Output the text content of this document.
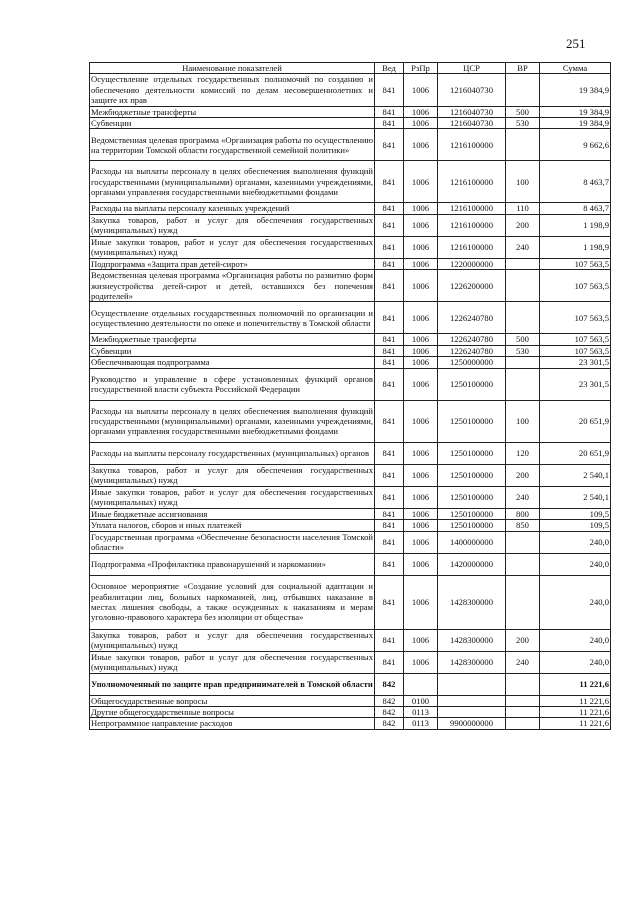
251
Наименование показателей	Вед	РзПр	ЦСР	ВР	Сумма
Осуществление отдельных государственных полномочий по созданию и обеспечению деятельности комиссий по делам несовершеннолетних и защите их прав	841	1006	1216040730		19 384,9
Межбюджетные трансферты	841	1006	1216040730	500	19 384,9
Субвенции	841	1006	1216040730	530	19 384,9
Ведомственная целевая программа «Организация работы по осуществлению на территории Томской области государственной семейной политики»	841	1006	1216100000		9 662,6
Расходы на выплаты персоналу в целях обеспечения выполнения функций государственными (муниципальными) органами, казенными учреждениями, органами управления государственными внебюджетными фондами	841	1006	1216100000	100	8 463,7
Расходы на выплаты персоналу казенных учреждений	841	1006	1216100000	110	8 463,7
Закупка товаров, работ и услуг для обеспечения государственных (муниципальных) нужд	841	1006	1216100000	200	1 198,9
Иные закупки товаров, работ и услуг для обеспечения государственных (муниципальных) нужд	841	1006	1216100000	240	1 198,9
Подпрограмма «Защита прав детей-сирот»	841	1006	1220000000		107 563,5
Ведомственная целевая программа «Организация работы по развитию форм жизнеустройства детей-сирот и детей, оставшихся без попечения родителей»	841	1006	1226200000		107 563,5
Осуществление отдельных государственных полномочий по организации и осуществлению деятельности по опеке и попечительству в Томской области	841	1006	1226240780		107 563,5
Межбюджетные трансферты	841	1006	1226240780	500	107 563,5
Субвенции	841	1006	1226240780	530	107 563,5
Обеспечивающая подпрограмма	841	1006	1250000000		23 301,5
Руководство и управление в сфере установленных функций органов государственной власти субъекта Российской Федерации	841	1006	1250100000		23 301,5
Расходы на выплаты персоналу в целях обеспечения выполнения функций государственными (муниципальными) органами, казенными учреждениями, органами управления государственными внебюджетными фондами	841	1006	1250100000	100	20 651,9
Расходы на выплаты персоналу государственных (муниципальных) органов	841	1006	1250100000	120	20 651,9
Закупка товаров, работ и услуг для обеспечения государственных (муниципальных) нужд	841	1006	1250100000	200	2 540,1
Иные закупки товаров, работ и услуг для обеспечения государственных (муниципальных) нужд	841	1006	1250100000	240	2 540,1
Иные бюджетные ассигнования	841	1006	1250100000	800	109,5
Уплата налогов, сборов и иных платежей	841	1006	1250100000	850	109,5
Государственная программа «Обеспечение безопасности населения Томской области»	841	1006	1400000000		240,0
Подпрограмма «Профилактика правонарушений и наркомании»	841	1006	1420000000		240,0
Основное мероприятие «Создание условий для социальной адаптации и реабилитации лиц, больных наркоманией, лиц, отбывших наказание в местах лишения свободы, а также осужденных к наказаниям и мерам уголовно-правового характера без изоляции от общества»	841	1006	1428300000		240,0
Закупка товаров, работ и услуг для обеспечения государственных (муниципальных) нужд	841	1006	1428300000	200	240,0
Иные закупки товаров, работ и услуг для обеспечения государственных (муниципальных) нужд	841	1006	1428300000	240	240,0
Уполномоченный по защите прав предпринимателей в Томской области	842				11 221,6
Общегосударственные вопросы	842	0100			11 221,6
Другие общегосударственные вопросы	842	0113			11 221,6
Непрограммное направление расходов	842	0113	9900000000		11 221,6
